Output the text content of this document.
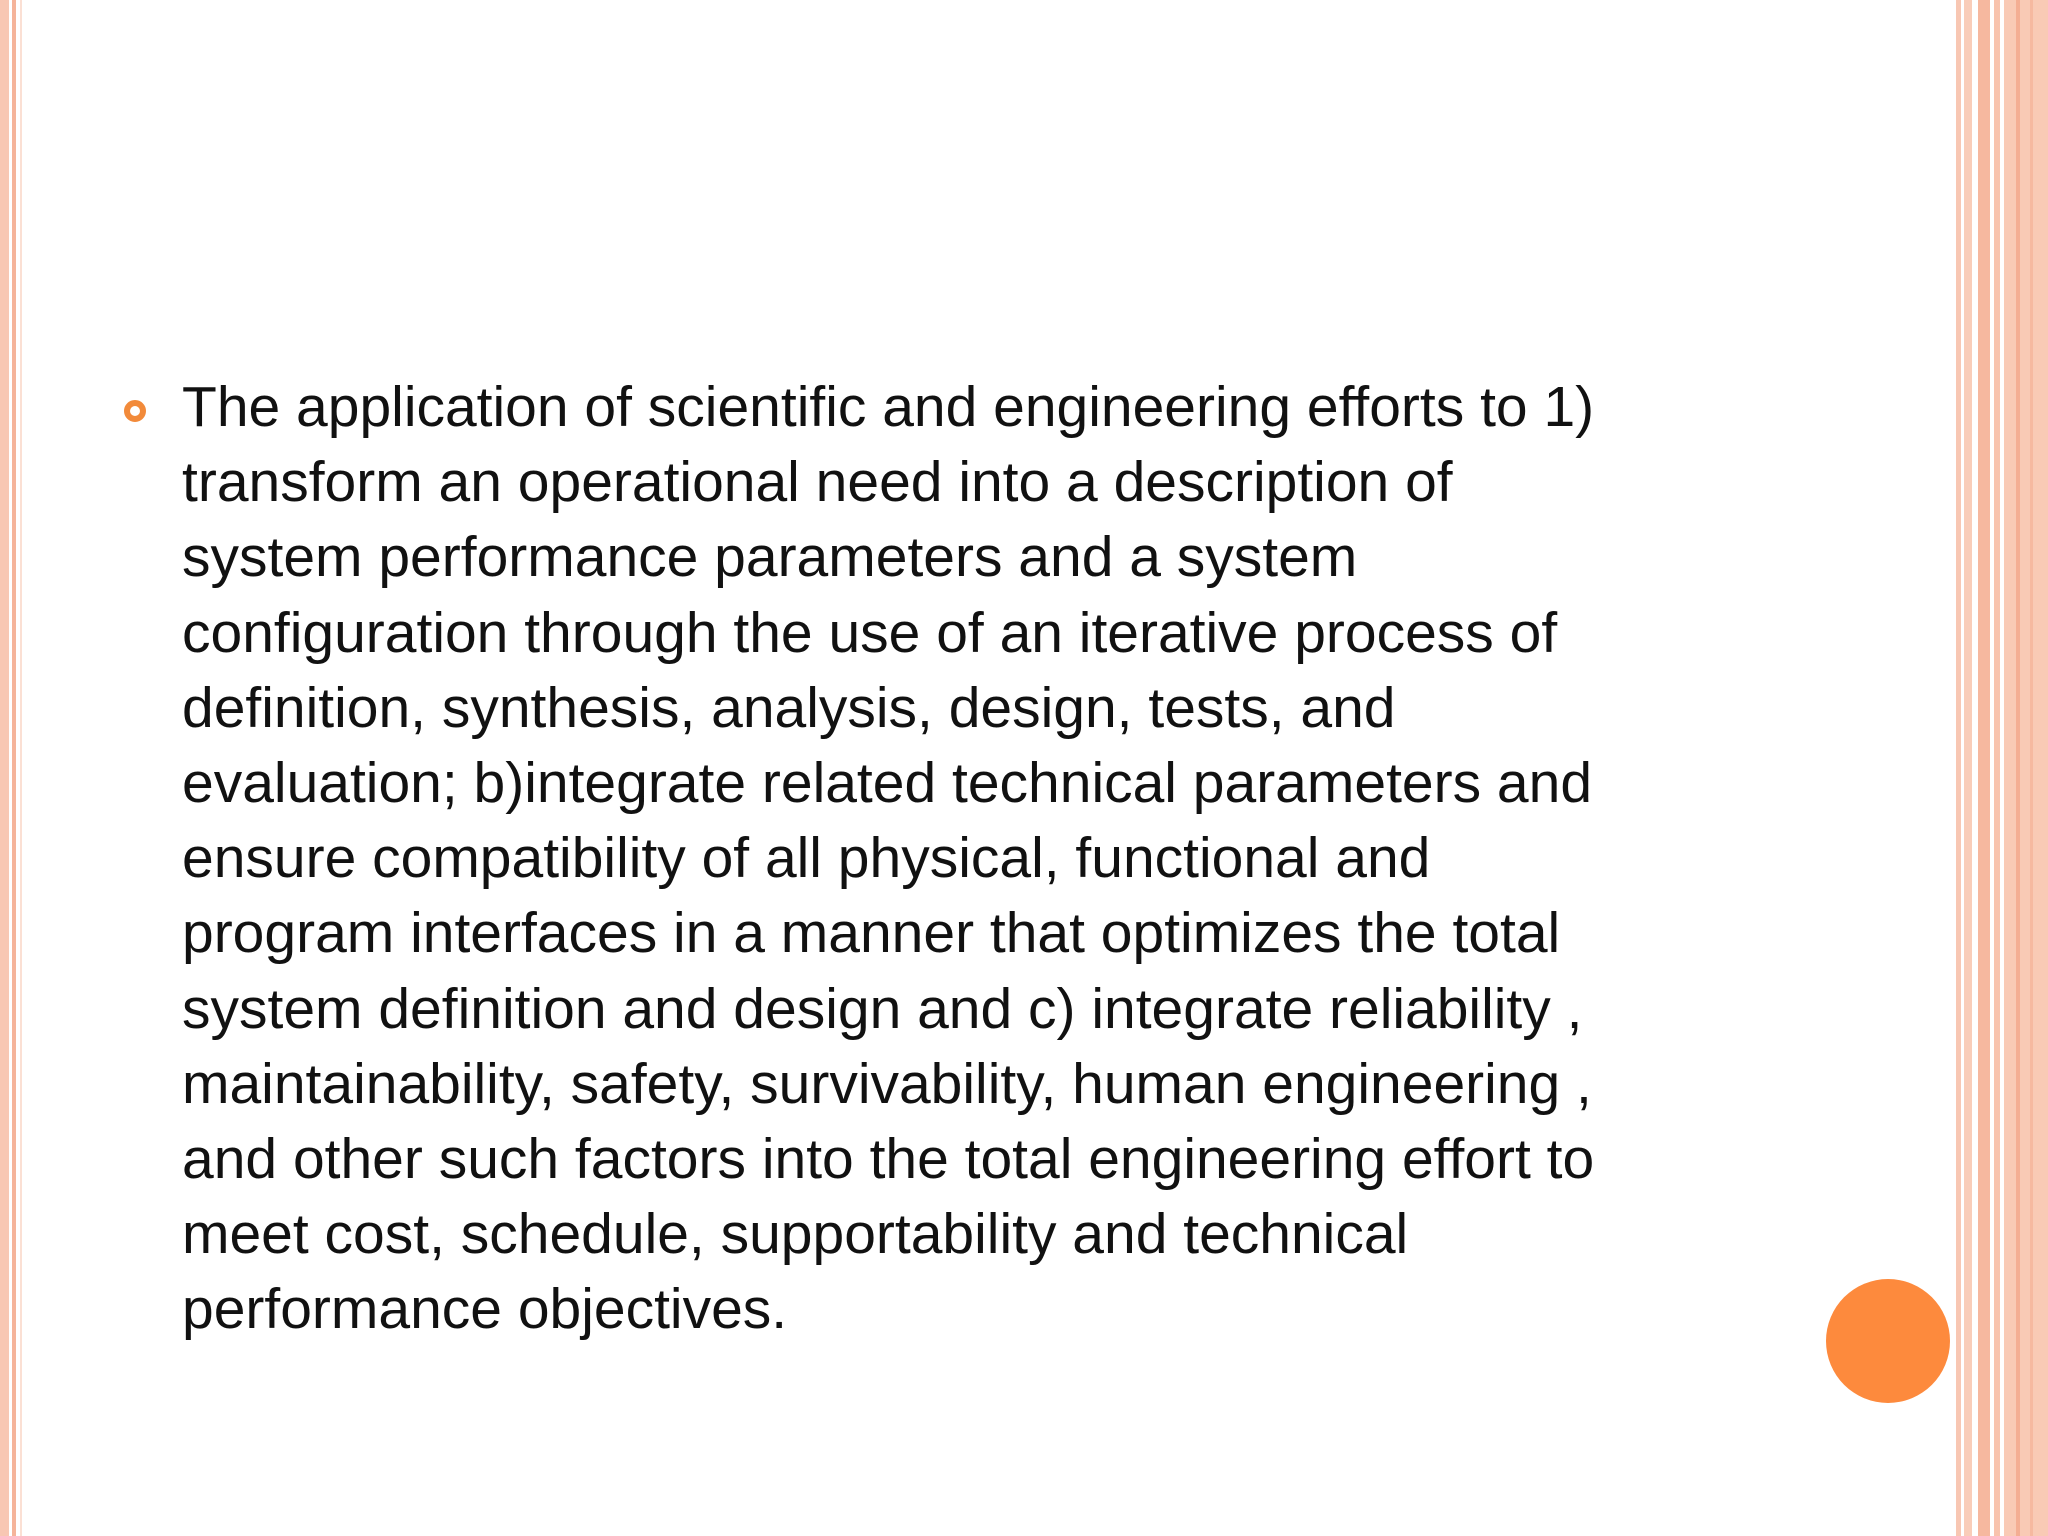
The application of scientific and engineering efforts to 1)
transform an operational need into a description of
system performance parameters and a system
configuration through the use of an iterative process of
definition, synthesis, analysis, design, tests, and
evaluation; b)integrate related technical parameters and
ensure compatibility of all physical, functional and
program interfaces in a manner that optimizes the total
system definition and design and c) integrate reliability ,
maintainability, safety, survivability, human engineering ,
and other such factors into the total engineering effort to
meet cost, schedule, supportability and technical
performance objectives.
